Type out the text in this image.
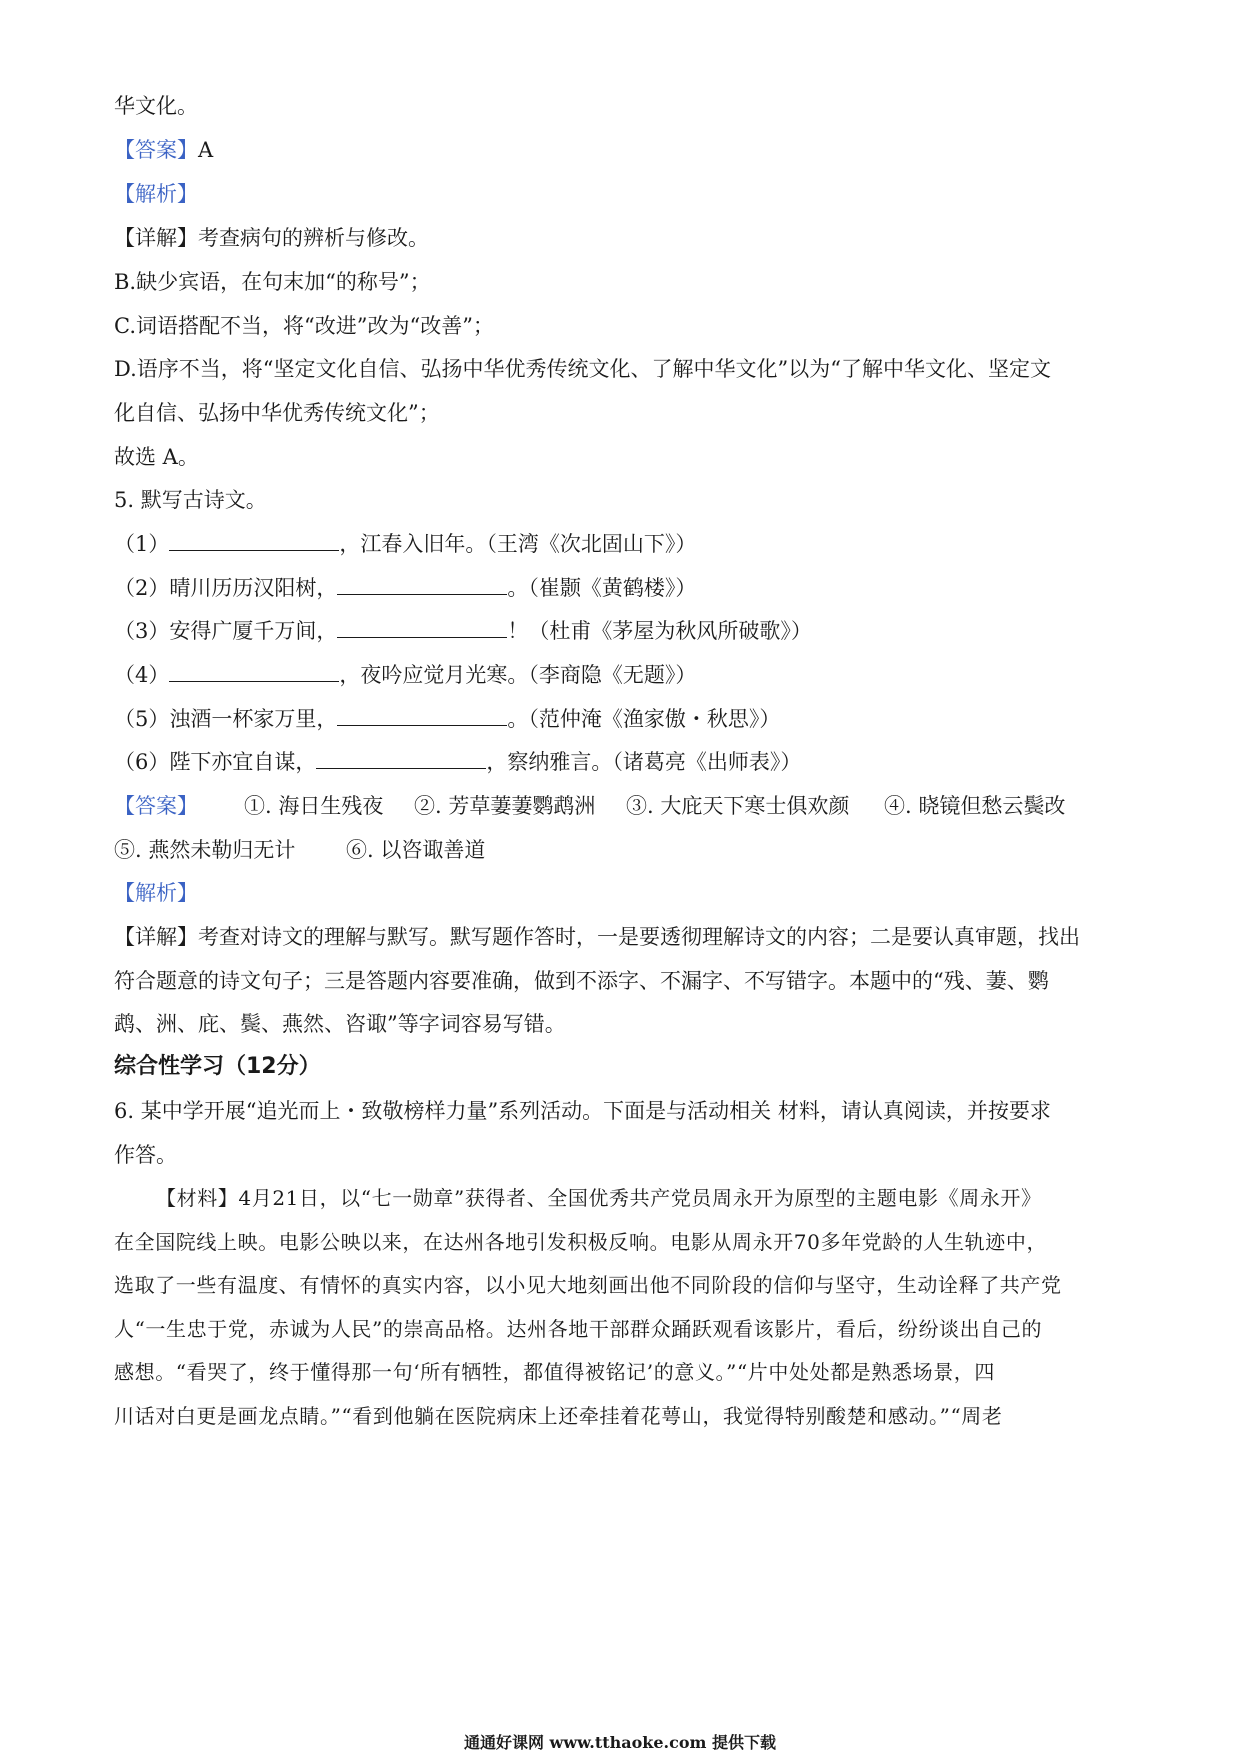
华文化。
【答案】A
【解析】
【详解】考查病句的辨析与修改。
B.缺少宾语，在句末加“的称号”；
C.词语搭配不当，将“改进”改为“改善”；
D.语序不当，将“坚定文化自信、弘扬中华优秀传统文化、了解中华文化”以为“了解中华文化、坚定文
化自信、弘扬中华优秀传统文化”；
故选 A。
5. 默写古诗文。
（1）	，江春入旧年。（王湾《次北固山下》）
（2）晴川历历汉阳树，	。（崔颢《黄鹤楼》）
（3）安得广厦千万间，	！（杜甫《茅屋为秋风所破歌》）
（4）	，夜吟应觉月光寒。（李商隐《无题》）
（5）浊酒一杯家万里，	。（范仲淹《渔家傲・秋思》）
（6）陛下亦宜自谋，	，察纳雅言。（诸葛亮《出师表》）
【答案】 ①. 海日生残夜 ②. 芳草萋萋鹦鹉洲 ③. 大庇天下寒士俱欢颜 ④. 晓镜但愁云鬓改
⑤. 燕然未勒归无计 ⑥. 以咨诹善道
【解析】
【详解】考查对诗文的理解与默写。默写题作答时，一是要透彻理解诗文的内容；二是要认真审题，找出
符合题意的诗文句子；三是答题内容要准确，做到不添字、不漏字、不写错字。本题中的“残、萋、鹦
鹉、洲、庇、鬓、燕然、咨诹”等字词容易写错。
综合性学习（12分）
6. 某中学开展“追光而上・致敬榜样力量”系列活动。下面是与活动相关 材料，请认真阅读，并按要求
作答。
【材料】4月21日，以“七一勋章”获得者、全国优秀共产党员周永开为原型的主题电影《周永开》
在全国院线上映。电影公映以来，在达州各地引发积极反响。电影从周永开70多年党龄的人生轨迹中，
选取了一些有温度、有情怀的真实内容，以小见大地刻画出他不同阶段的信仰与坚守，生动诠释了共产党
人“一生忠于党，赤诚为人民”的崇高品格。达州各地干部群众踊跃观看该影片，看后，纷纷谈出自己的
感想。“看哭了，终于懂得那一句‘所有牺牲，都值得被铭记’的意义。”“片中处处都是熟悉场景，四
川话对白更是画龙点睛。”“看到他躺在医院病床上还牵挂着花萼山，我觉得特别酸楚和感动。”“周老
通通好课网 www.tthaoke.com 提供下载
